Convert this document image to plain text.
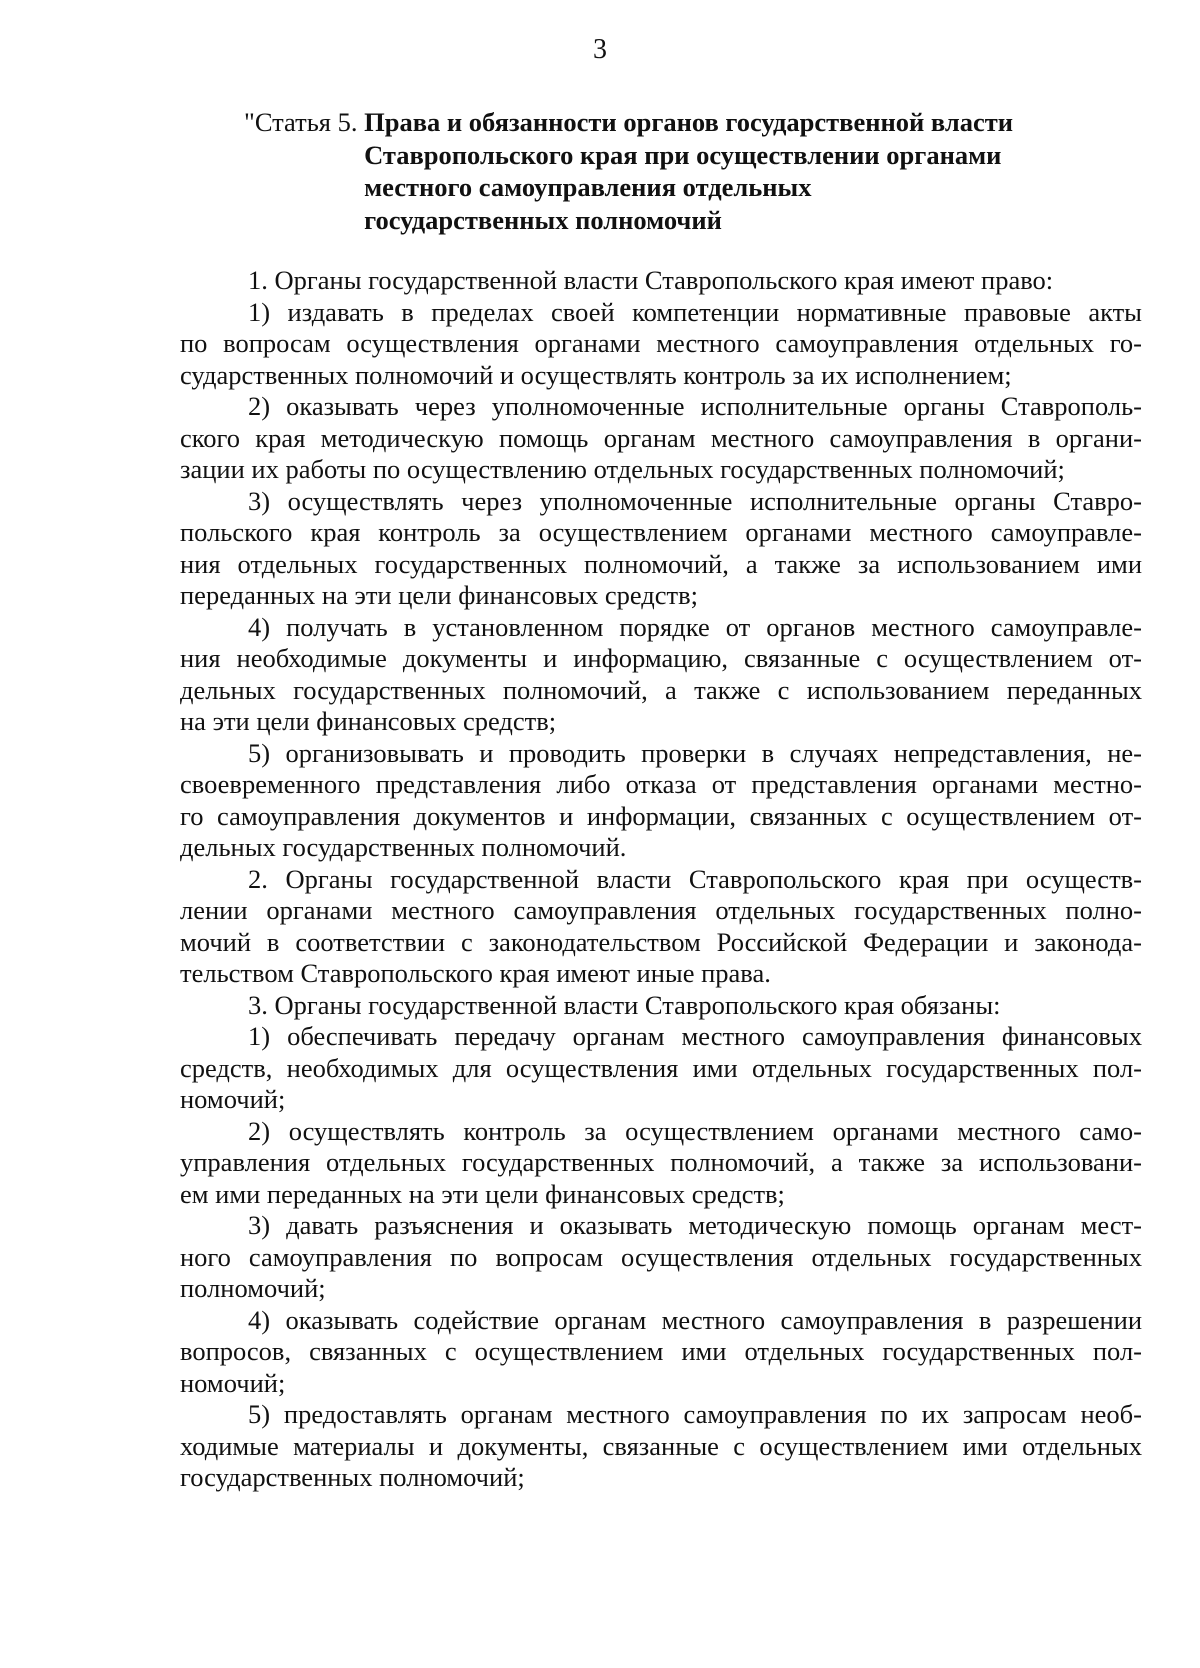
3
"Статья 5. Права и обязанности органов государственной власти
Ставропольского края при осуществлении органами
местного самоуправления отдельных
государственных полномочий
1. Органы государственной власти Ставропольского края имеют право:
1) издавать в пределах своей компетенции нормативные правовые акты
по вопросам осуществления органами местного самоуправления отдельных го-
сударственных полномочий и осуществлять контроль за их исполнением;
2) оказывать через уполномоченные исполнительные органы Ставрополь-
ского края методическую помощь органам местного самоуправления в органи-
зации их работы по осуществлению отдельных государственных полномочий;
3) осуществлять через уполномоченные исполнительные органы Ставро-
польского края контроль за осуществлением органами местного самоуправле-
ния отдельных государственных полномочий, а также за использованием ими
переданных на эти цели финансовых средств;
4) получать в установленном порядке от органов местного самоуправле-
ния необходимые документы и информацию, связанные с осуществлением от-
дельных государственных полномочий, а также с использованием переданных
на эти цели финансовых средств;
5) организовывать и проводить проверки в случаях непредставления, не-
своевременного представления либо отказа от представления органами местно-
го самоуправления документов и информации, связанных с осуществлением от-
дельных государственных полномочий.
2. Органы государственной власти Ставропольского края при осуществ-
лении органами местного самоуправления отдельных государственных полно-
мочий в соответствии с законодательством Российской Федерации и законода-
тельством Ставропольского края имеют иные права.
3. Органы государственной власти Ставропольского края обязаны:
1) обеспечивать передачу органам местного самоуправления финансовых
средств, необходимых для осуществления ими отдельных государственных пол-
номочий;
2) осуществлять контроль за осуществлением органами местного само-
управления отдельных государственных полномочий, а также за использовани-
ем ими переданных на эти цели финансовых средств;
3) давать разъяснения и оказывать методическую помощь органам мест-
ного самоуправления по вопросам осуществления отдельных государственных
полномочий;
4) оказывать содействие органам местного самоуправления в разрешении
вопросов, связанных с осуществлением ими отдельных государственных пол-
номочий;
5) предоставлять органам местного самоуправления по их запросам необ-
ходимые материалы и документы, связанные с осуществлением ими отдельных
государственных полномочий;
